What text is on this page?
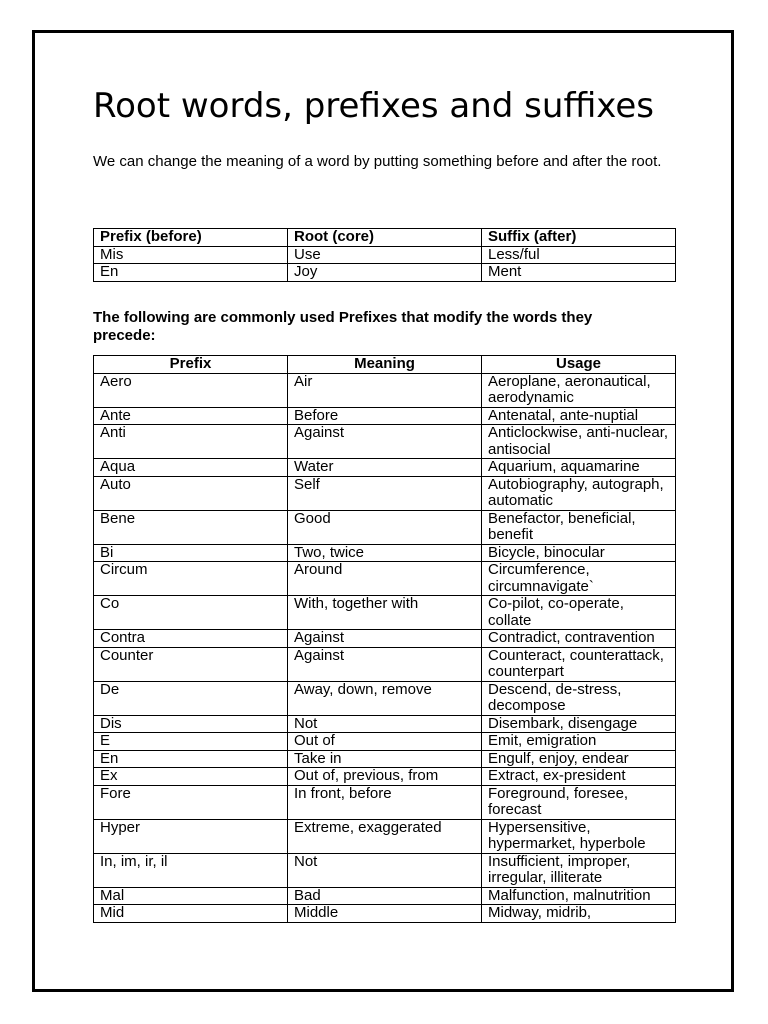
Root words, prefixes and suffixes

We can change the meaning of a word by putting something before and after the root.

Prefix (before)	Root (core)	Suffix (after)
Mis	Use	Less/ful
En	Joy	Ment

The following are commonly used Prefixes that modify the words they precede:

Prefix	Meaning	Usage
Aero	Air	Aeroplane, aeronautical, aerodynamic
Ante	Before	Antenatal, ante-nuptial
Anti	Against	Anticlockwise, anti-nuclear, antisocial
Aqua	Water	Aquarium, aquamarine
Auto	Self	Autobiography, autograph, automatic
Bene	Good	Benefactor, beneficial, benefit
Bi	Two, twice	Bicycle, binocular
Circum	Around	Circumference, circumnavigate`
Co	With, together with	Co-pilot, co-operate, collate
Contra	Against	Contradict, contravention
Counter	Against	Counteract, counterattack, counterpart
De	Away, down, remove	Descend, de-stress, decompose
Dis	Not	Disembark, disengage
E	Out of	Emit, emigration
En	Take in	Engulf, enjoy, endear
Ex	Out of, previous, from	Extract, ex-president
Fore	In front, before	Foreground, foresee, forecast
Hyper	Extreme, exaggerated	Hypersensitive, hypermarket, hyperbole
In, im, ir, il	Not	Insufficient, improper, irregular, illiterate
Mal	Bad	Malfunction, malnutrition
Mid	Middle	Midway, midrib,
